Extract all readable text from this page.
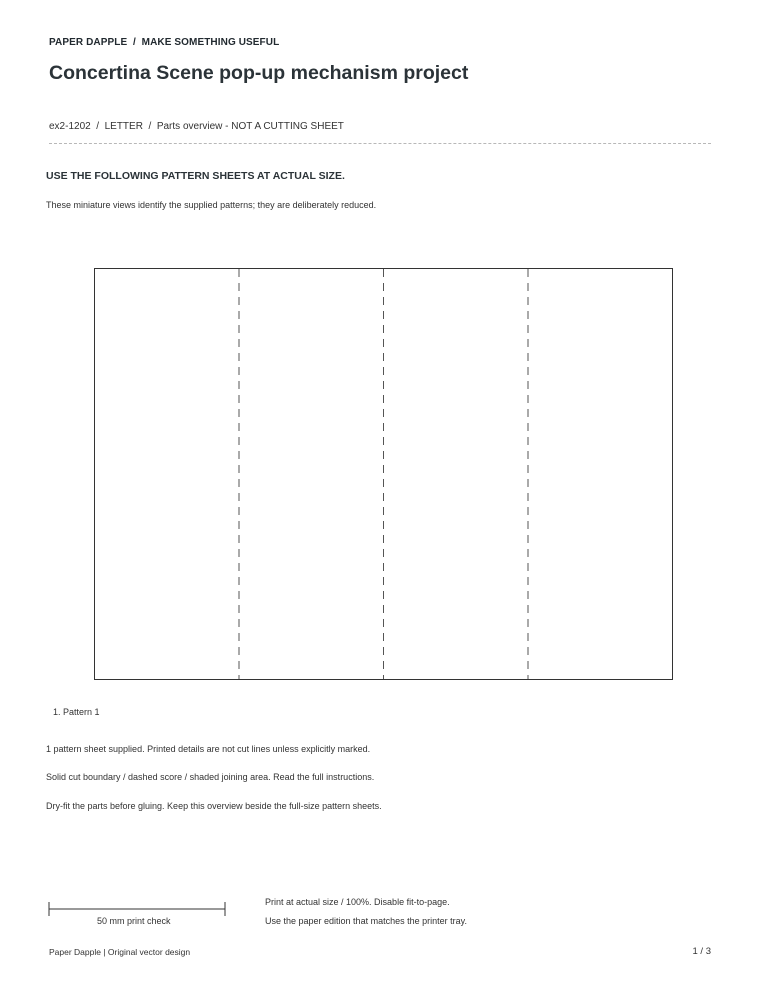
PAPER DAPPLE  /  MAKE SOMETHING USEFUL
Concertina Scene pop-up mechanism project
ex2-1202  /  LETTER  /  Parts overview - NOT A CUTTING SHEET
USE THE FOLLOWING PATTERN SHEETS AT ACTUAL SIZE.
These miniature views identify the supplied patterns; they are deliberately reduced.
1. Pattern 1
1 pattern sheet supplied. Printed details are not cut lines unless explicitly marked.
Solid cut boundary / dashed score / shaded joining area. Read the full instructions.
Dry-fit the parts before gluing. Keep this overview beside the full-size pattern sheets.
50 mm print check
Print at actual size / 100%. Disable fit-to-page.
Use the paper edition that matches the printer tray.
Paper Dapple | Original vector design	1 / 3
